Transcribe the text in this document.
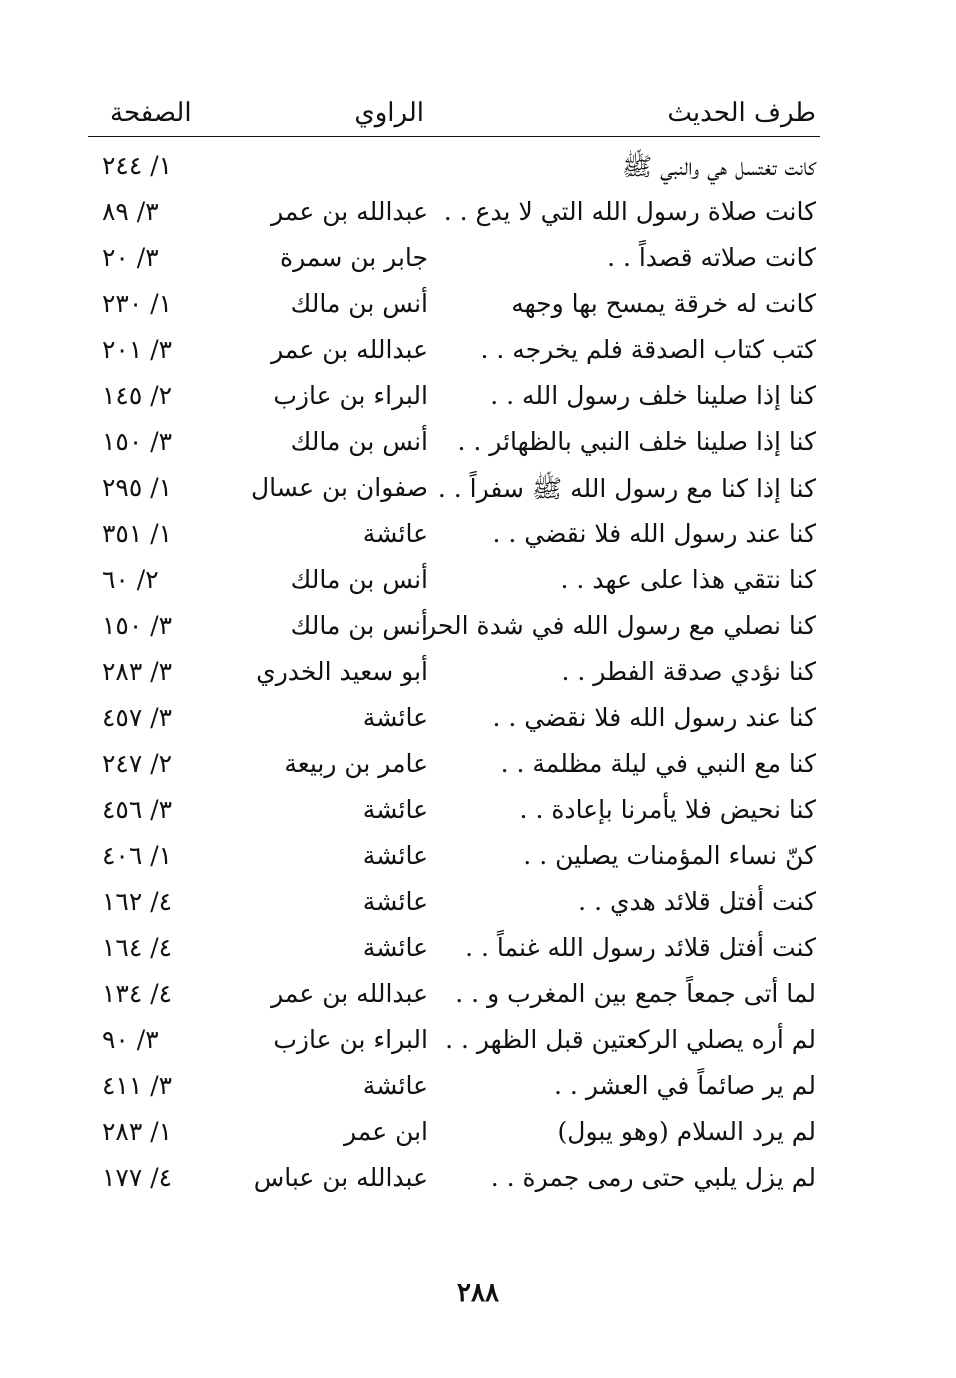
طرف الحديث
الراوي
الصفحة
كانت تغتسل هي والنبي ﷺ
١/ ٢٤٤
كانت صلاة رسول الله التي لا يدع . .
عبدالله بن عمر
٣/ ٨٩
كانت صلاته قصداً . .
جابر بن سمرة
٣/ ٢٠
كانت له خرقة يمسح بها وجهه
أنس بن مالك
١/ ٢٣٠
كتب كتاب الصدقة فلم يخرجه . .
عبدالله بن عمر
٣/ ٢٠١
كنا إذا صلينا خلف رسول الله . .
البراء بن عازب
٢/ ١٤٥
كنا إذا صلينا خلف النبي بالظهائر . .
أنس بن مالك
٣/ ١٥٠
كنا إذا كنا مع رسول الله ﷺ سفراً . .
صفوان بن عسال
١/ ٢٩٥
كنا عند رسول الله فلا نقضي . .
عائشة
١/ ٣٥١
كنا نتقي هذا على عهد . .
أنس بن مالك
٢/ ٦٠
كنا نصلي مع رسول الله في شدة الحر . .
أنس بن مالك
٣/ ١٥٠
كنا نؤدي صدقة الفطر . .
أبو سعيد الخدري
٣/ ٢٨٣
كنا عند رسول الله فلا نقضي . .
عائشة
٣/ ٤٥٧
كنا مع النبي في ليلة مظلمة . .
عامر بن ربيعة
٢/ ٢٤٧
كنا نحيض فلا يأمرنا بإعادة . .
عائشة
٣/ ٤٥٦
كنّ نساء المؤمنات يصلين . .
عائشة
١/ ٤٠٦
كنت أفتل قلائد هدي . .
عائشة
٤/ ١٦٢
كنت أفتل قلائد رسول الله غنماً . .
عائشة
٤/ ١٦٤
لما أتى جمعاً جمع بين المغرب و . .
عبدالله بن عمر
٤/ ١٣٤
لم أره يصلي الركعتين قبل الظهر . .
البراء بن عازب
٣/ ٩٠
لم ير صائماً في العشر . .
عائشة
٣/ ٤١١
لم يرد السلام (وهو يبول)
ابن عمر
١/ ٢٨٣
لم يزل يلبي حتى رمى جمرة . .
عبدالله بن عباس
٤/ ١٧٧
٢٨٨
